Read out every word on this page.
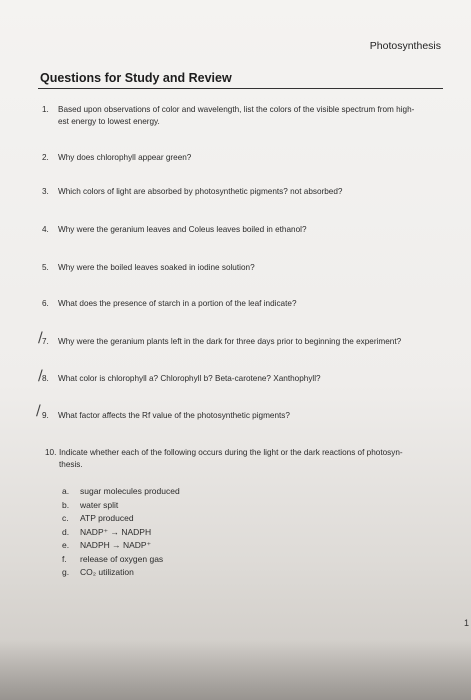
Photosynthesis
Questions for Study and Review
1. Based upon observations of color and wavelength, list the colors of the visible spectrum from high-
est energy to lowest energy.
2. Why does chlorophyll appear green?
3. Which colors of light are absorbed by photosynthetic pigments? not absorbed?
4. Why were the geranium leaves and Coleus leaves boiled in ethanol?
5. Why were the boiled leaves soaked in iodine solution?
6. What does the presence of starch in a portion of the leaf indicate?
7. Why were the geranium plants left in the dark for three days prior to beginning the experiment?
/
8. What color is chlorophyll a? Chlorophyll b? Beta-carotene? Xanthophyll?
/
9. What factor affects the Rf value of the photosynthetic pigments?
/
10. Indicate whether each of the following occurs during the light or the dark reactions of photosyn-
thesis.
a. sugar molecules produced
b. water split
c. ATP produced
d. NADP⁺ → NADPH
e. NADPH → NADP⁺
f. release of oxygen gas
g. CO₂ utilization
1
